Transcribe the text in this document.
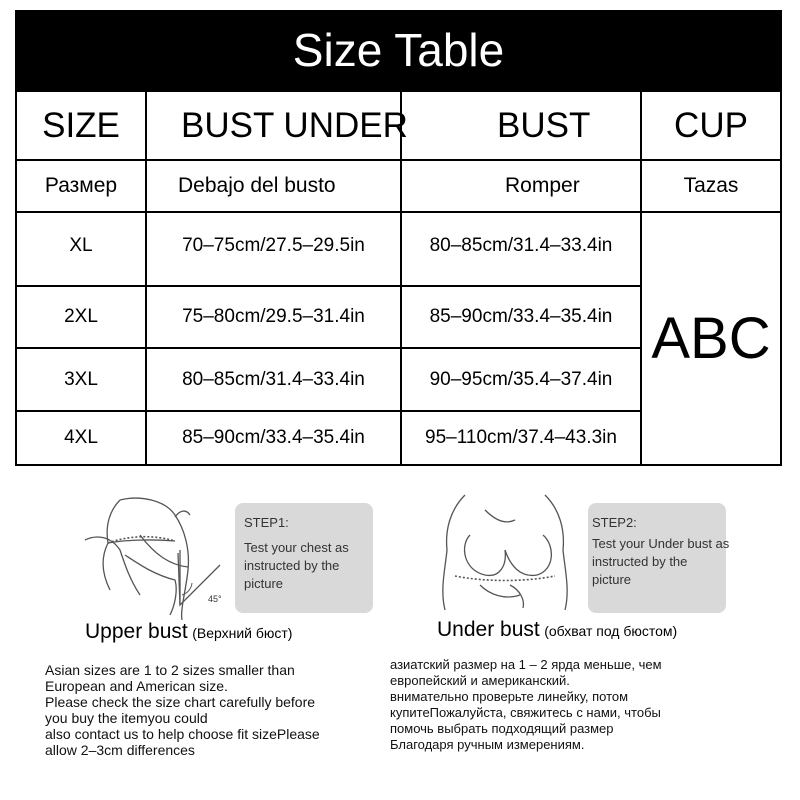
Size Table
SIZE	BUST UNDER	BUST	CUP
Размер	Debajo del busto	Romper	Tazas
XL	70–75cm/27.5–29.5in	80–85cm/31.4–33.4in
2XL	75–80cm/29.5–31.4in	85–90cm/33.4–35.4in
3XL	80–85cm/31.4–33.4in	90–95cm/35.4–37.4in
4XL	85–90cm/33.4–35.4in	95–110cm/37.4–43.3in
ABC
45°
STEP1:
Test your chest as instructed by the picture
Upper bust (Верхний бюст)
STEP2:
Test your Under bust as instructed by the picture
Under bust (обхват под бюстом)
Asian sizes are 1 to 2 sizes smaller than
European and American size.
Please check the size chart carefully before
you buy the itemyou could
also contact us to help choose fit sizePlease
allow 2–3cm differences
азиатский размер на 1 – 2 ярда меньше, чем
европейский и американский.
внимательно проверьте линейку, потом
купитеПожалуйста, свяжитесь с нами, чтобы
помочь выбрать подходящий размер
Благодаря ручным измерениям.
